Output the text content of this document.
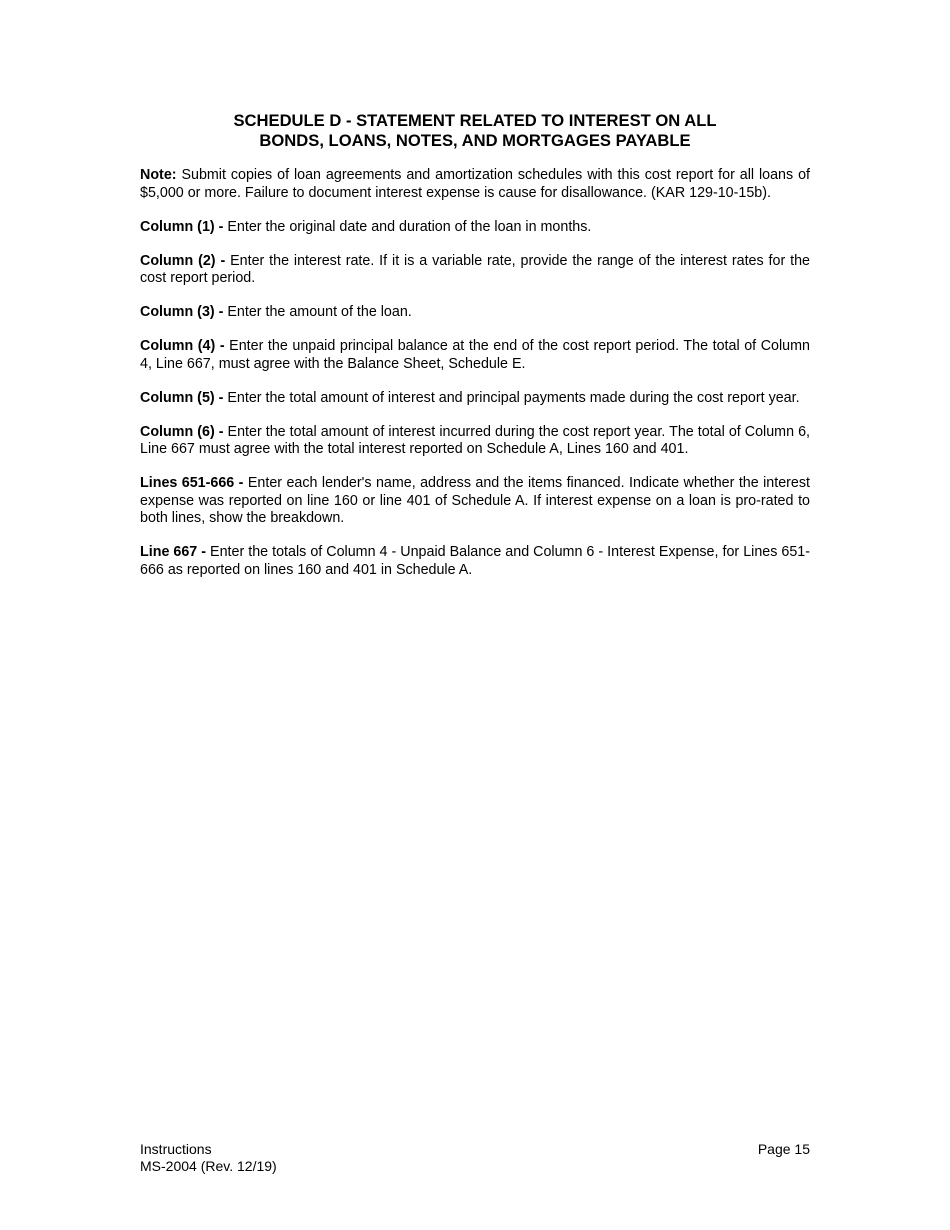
SCHEDULE D - STATEMENT RELATED TO INTEREST ON ALL
BONDS, LOANS, NOTES, AND MORTGAGES PAYABLE

Note: Submit copies of loan agreements and amortization schedules with this cost report for all loans of $5,000 or more. Failure to document interest expense is cause for disallowance. (KAR 129-10-15b).

Column (1) - Enter the original date and duration of the loan in months.

Column (2) - Enter the interest rate. If it is a variable rate, provide the range of the interest rates for the cost report period.

Column (3) - Enter the amount of the loan.

Column (4) - Enter the unpaid principal balance at the end of the cost report period. The total of Column 4, Line 667, must agree with the Balance Sheet, Schedule E.

Column (5) - Enter the total amount of interest and principal payments made during the cost report year.

Column (6) - Enter the total amount of interest incurred during the cost report year. The total of Column 6, Line 667 must agree with the total interest reported on Schedule A, Lines 160 and 401.

Lines 651-666 - Enter each lender's name, address and the items financed. Indicate whether the interest expense was reported on line 160 or line 401 of Schedule A. If interest expense on a loan is pro-rated to both lines, show the breakdown.

Line 667 - Enter the totals of Column 4 - Unpaid Balance and Column 6 - Interest Expense, for Lines 651-666 as reported on lines 160 and 401 in Schedule A.

Instructions
MS-2004 (Rev. 12/19)
Page 15
